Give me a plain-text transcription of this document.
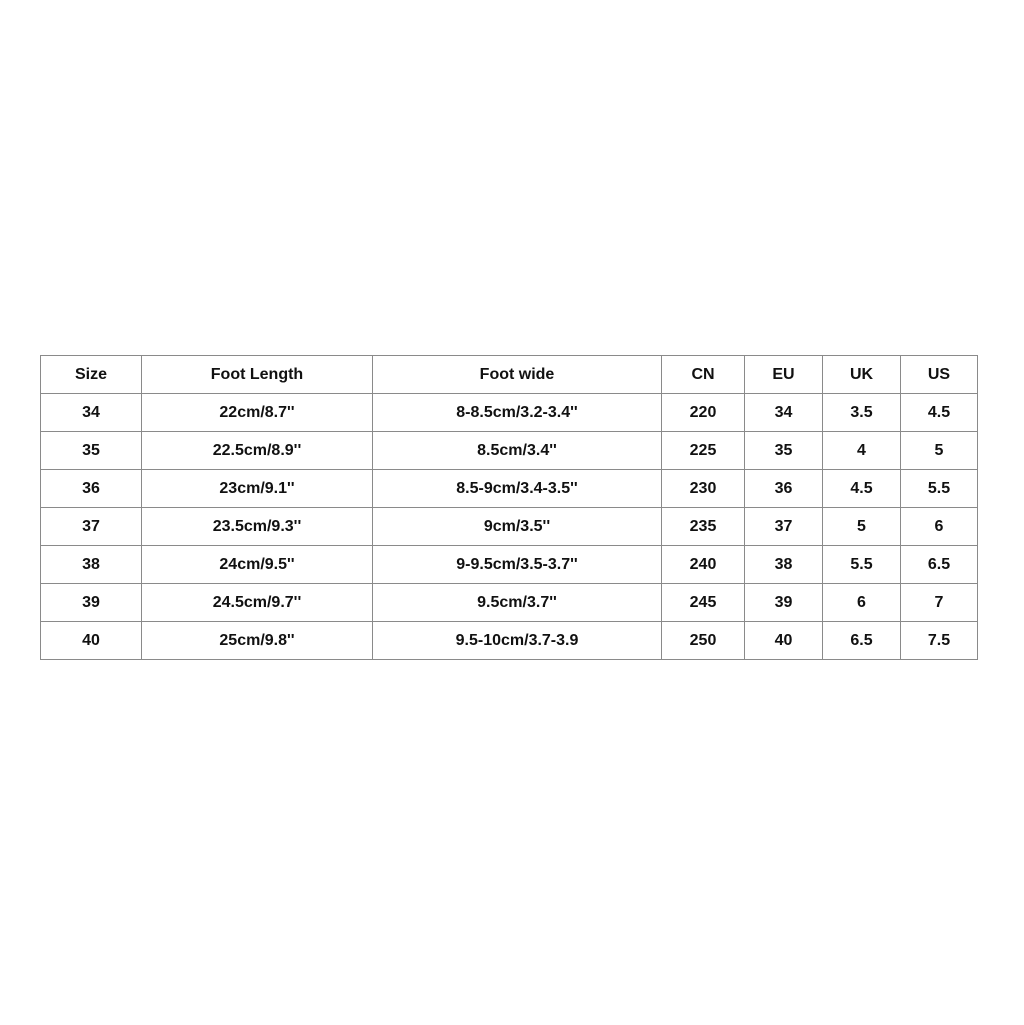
Size	Foot Length	Foot wide	CN	EU	UK	US
34	22cm/8.7''	8-8.5cm/3.2-3.4''	220	34	3.5	4.5
35	22.5cm/8.9''	8.5cm/3.4''	225	35	4	5
36	23cm/9.1''	8.5-9cm/3.4-3.5''	230	36	4.5	5.5
37	23.5cm/9.3''	9cm/3.5''	235	37	5	6
38	24cm/9.5''	9-9.5cm/3.5-3.7''	240	38	5.5	6.5
39	24.5cm/9.7''	9.5cm/3.7''	245	39	6	7
40	25cm/9.8''	9.5-10cm/3.7-3.9	250	40	6.5	7.5
